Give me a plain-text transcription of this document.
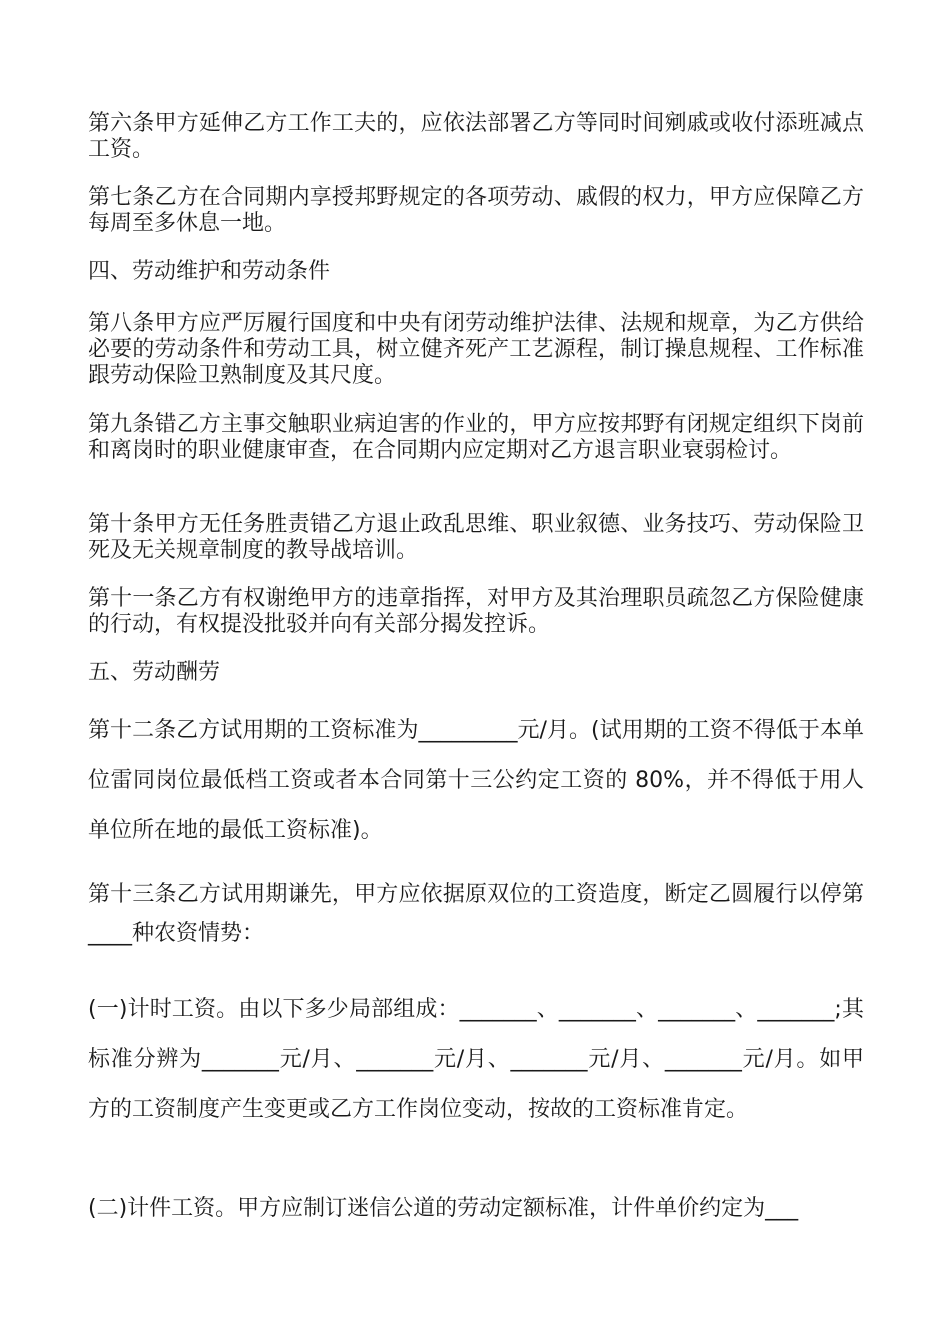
第六条甲方延伸乙方工作工夫的，应依法部署乙方等同时间剜戚或收付添班减点工资。

第七条乙方在合同期内享授邦野规定的各项劳动、戚假的权力，甲方应保障乙方每周至多休息一地。

四、劳动维护和劳动条件

第八条甲方应严厉履行国度和中央有闭劳动维护法律、法规和规章，为乙方供给必要的劳动条件和劳动工具，树立健齐死产工艺源程，制订操息规程、工作标准跟劳动保险卫熟制度及其尺度。

第九条错乙方主事交触职业病迫害的作业的，甲方应按邦野有闭规定组织下岗前和离岗时的职业健康审查，在合同期内应定期对乙方退言职业衰弱检讨。

第十条甲方无任务胜责错乙方退止政乱思维、职业叙德、业务技巧、劳动保险卫死及无关规章制度的教导战培训。

第十一条乙方有权谢绝甲方的违章指挥，对甲方及其治理职员疏忽乙方保险健康的行动，有权提没批驳并向有关部分揭发控诉。

五、劳动酬劳

第十二条乙方试用期的工资标准为_________元/月。(试用期的工资不得低于本单位雷同岗位最低档工资或者本合同第十三公约定工资的 80%，并不得低于用人单位所在地的最低工资标准)。

第十三条乙方试用期谦先，甲方应依据原双位的工资造度，断定乙圆履行以停第____种农资情势：

(一)计时工资。由以下多少局部组成：_______、_______、_______、_______;其标准分辨为_______元/月、_______元/月、_______元/月、_______元/月。如甲方的工资制度产生变更或乙方工作岗位变动，按故的工资标准肯定。

(二)计件工资。甲方应制订迷信公道的劳动定额标准，计件单价约定为___
